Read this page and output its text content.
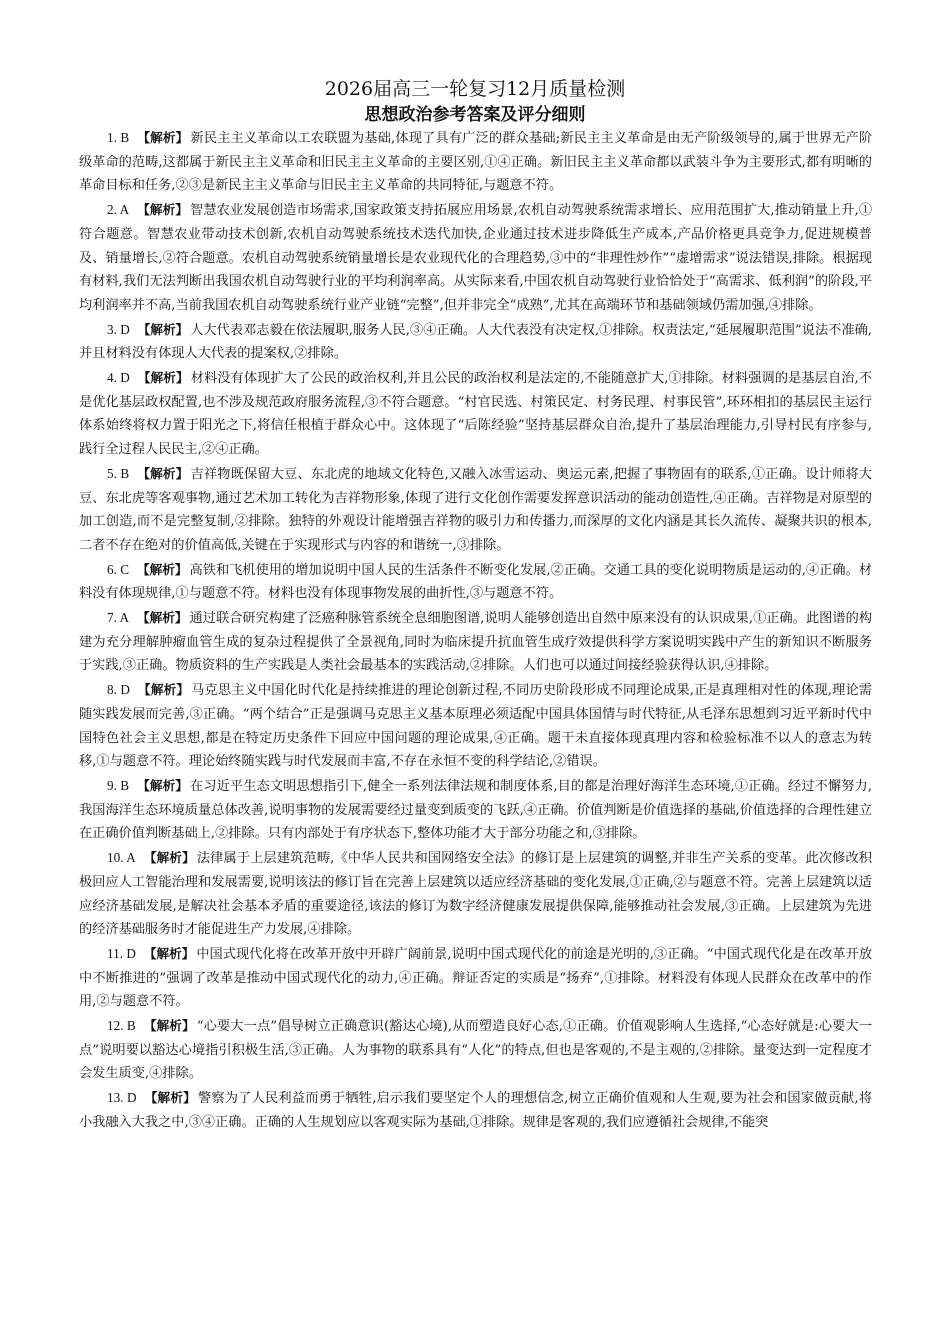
2026届高三一轮复习12月质量检测
思想政治参考答案及评分细则

1. B 【解析】 新民主主义革命以工农联盟为基础,体现了具有广泛的群众基础;新民主主义革命是由无产阶级领导的,属于世界无产阶级革命的范畴,这都属于新民主主义革命和旧民主主义革命的主要区别,①④正确。新旧民主主义革命都以武装斗争为主要形式,都有明晰的革命目标和任务,②③是新民主主义革命与旧民主主义革命的共同特征,与题意不符。

2. A 【解析】 智慧农业发展创造市场需求,国家政策支持拓展应用场景,农机自动驾驶系统需求增长、应用范围扩大,推动销量上升,①符合题意。智慧农业带动技术创新,农机自动驾驶系统技术迭代加快,企业通过技术进步降低生产成本,产品价格更具竞争力,促进规模普及、销量增长,②符合题意。农机自动驾驶系统销量增长是农业现代化的合理趋势,③中的“非理性炒作”“虚增需求”说法错误,排除。根据现有材料,我们无法判断出我国农机自动驾驶行业的平均利润率高。从实际来看,中国农机自动驾驶行业恰恰处于“高需求、低利润”的阶段,平均利润率并不高,当前我国农机自动驾驶系统行业产业链“完整”,但并非完全“成熟”,尤其在高端环节和基础领域仍需加强,④排除。

3. D 【解析】 人大代表邓志毅在依法履职,服务人民,③④正确。人大代表没有决定权,①排除。权责法定,“延展履职范围”说法不准确,并且材料没有体现人大代表的提案权,②排除。

4. D 【解析】 材料没有体现扩大了公民的政治权利,并且公民的政治权利是法定的,不能随意扩大,①排除。材料强调的是基层自治,不是优化基层政权配置,也不涉及规范政府服务流程,③不符合题意。“村官民选、村策民定、村务民理、村事民管”,环环相扣的基层民主运行体系始终将权力置于阳光之下,将信任根植于群众心中。这体现了“后陈经验”坚持基层群众自治,提升了基层治理能力,引导村民有序参与,践行全过程人民民主,②④正确。

5. B 【解析】 吉祥物既保留大豆、东北虎的地域文化特色,又融入冰雪运动、奥运元素,把握了事物固有的联系,①正确。设计师将大豆、东北虎等客观事物,通过艺术加工转化为吉祥物形象,体现了进行文化创作需要发挥意识活动的能动创造性,④正确。吉祥物是对原型的加工创造,而不是完整复制,②排除。独特的外观设计能增强吉祥物的吸引力和传播力,而深厚的文化内涵是其长久流传、凝聚共识的根本,二者不存在绝对的价值高低,关键在于实现形式与内容的和谐统一,③排除。

6. C 【解析】 高铁和飞机使用的增加说明中国人民的生活条件不断变化发展,②正确。交通工具的变化说明物质是运动的,④正确。材料没有体现规律,①与题意不符。材料也没有体现事物发展的曲折性,③与题意不符。

7. A 【解析】 通过联合研究构建了泛癌种脉管系统全息细胞图谱,说明人能够创造出自然中原来没有的认识成果,①正确。此图谱的构建为充分理解肿瘤血管生成的复杂过程提供了全景视角,同时为临床提升抗血管生成疗效提供科学方案说明实践中产生的新知识不断服务于实践,③正确。物质资料的生产实践是人类社会最基本的实践活动,②排除。人们也可以通过间接经验获得认识,④排除。

8. D 【解析】 马克思主义中国化时代化是持续推进的理论创新过程,不同历史阶段形成不同理论成果,正是真理相对性的体现,理论需随实践发展而完善,③正确。“两个结合”正是强调马克思主义基本原理必须适配中国具体国情与时代特征,从毛泽东思想到习近平新时代中国特色社会主义思想,都是在特定历史条件下回应中国问题的理论成果,④正确。题干未直接体现真理内容和检验标准不以人的意志为转移,①与题意不符。理论始终随实践与时代发展而丰富,不存在永恒不变的科学结论,②错误。

9. B 【解析】 在习近平生态文明思想指引下,健全一系列法律法规和制度体系,目的都是治理好海洋生态环境,①正确。经过不懈努力,我国海洋生态环境质量总体改善,说明事物的发展需要经过量变到质变的飞跃,④正确。价值判断是价值选择的基础,价值选择的合理性建立在正确价值判断基础上,②排除。只有内部处于有序状态下,整体功能才大于部分功能之和,③排除。

10. A 【解析】 法律属于上层建筑范畴,《中华人民共和国网络安全法》的修订是上层建筑的调整,并非生产关系的变革。此次修改积极回应人工智能治理和发展需要,说明该法的修订旨在完善上层建筑以适应经济基础的变化发展,①正确,②与题意不符。完善上层建筑以适应经济基础发展,是解决社会基本矛盾的重要途径,该法的修订为数字经济健康发展提供保障,能够推动社会发展,③正确。上层建筑为先进的经济基础服务时才能促进生产力发展,④排除。

11. D 【解析】 中国式现代化将在改革开放中开辟广阔前景,说明中国式现代化的前途是光明的,③正确。“中国式现代化是在改革开放中不断推进的”强调了改革是推动中国式现代化的动力,④正确。辩证否定的实质是“扬弃”,①排除。材料没有体现人民群众在改革中的作用,②与题意不符。

12. B 【解析】 “心要大一点”倡导树立正确意识(豁达心境),从而塑造良好心态,①正确。价值观影响人生选择,“心态好就是:心要大一点”说明要以豁达心境指引积极生活,③正确。人为事物的联系具有“人化”的特点,但也是客观的,不是主观的,②排除。量变达到一定程度才会发生质变,④排除。

13. D 【解析】 警察为了人民利益而勇于牺牲,启示我们要坚定个人的理想信念,树立正确价值观和人生观,要为社会和国家做贡献,将小我融入大我之中,③④正确。正确的人生规划应以客观实际为基础,①排除。规律是客观的,我们应遵循社会规律,不能突
